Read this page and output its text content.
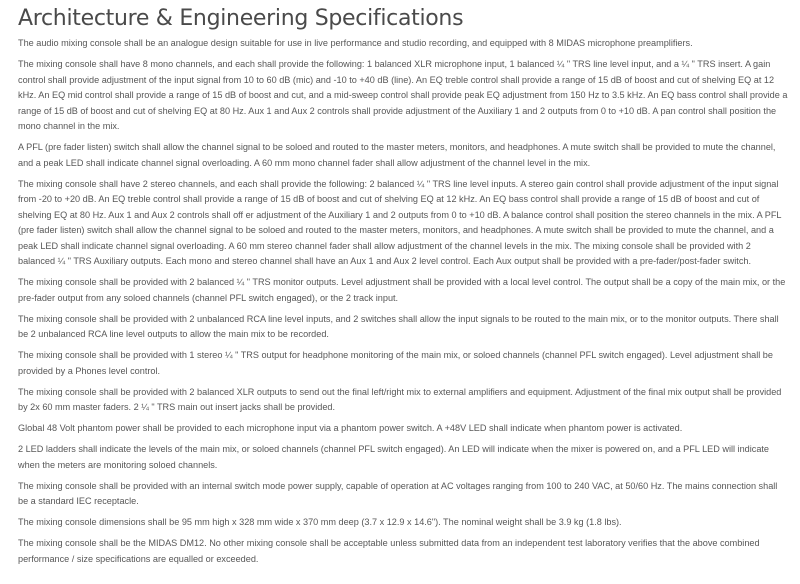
Architecture & Engineering Specifications

The audio mixing console shall be an analogue design suitable for use in live performance and studio recording, and equipped with 8 MIDAS microphone preamplifiers.

The mixing console shall have 8 mono channels, and each shall provide the following: 1 balanced XLR microphone input, 1 balanced ¼ " TRS line level input, and a ¼ " TRS insert. A gain control shall provide adjustment of the input signal from 10 to 60 dB (mic) and -10 to +40 dB (line). An EQ treble control shall provide a range of 15 dB of boost and cut of shelving EQ at 12 kHz. An EQ mid control shall provide a range of 15 dB of boost and cut, and a mid-sweep control shall provide peak EQ adjustment from 150 Hz to 3.5 kHz. An EQ bass control shall provide a range of 15 dB of boost and cut of shelving EQ at 80 Hz. Aux 1 and Aux 2 controls shall provide adjustment of the Auxiliary 1 and 2 outputs from 0 to +10 dB. A pan control shall position the mono channel in the mix.

A PFL (pre fader listen) switch shall allow the channel signal to be soloed and routed to the master meters, monitors, and headphones. A mute switch shall be provided to mute the channel, and a peak LED shall indicate channel signal overloading. A 60 mm mono channel fader shall allow adjustment of the channel level in the mix.

The mixing console shall have 2 stereo channels, and each shall provide the following: 2 balanced ¼ " TRS line level inputs. A stereo gain control shall provide adjustment of the input signal from -20 to +20 dB. An EQ treble control shall provide a range of 15 dB of boost and cut of shelving EQ at 12 kHz. An EQ bass control shall provide a range of 15 dB of boost and cut of shelving EQ at 80 Hz. Aux 1 and Aux 2 controls shall off er adjustment of the Auxiliary 1 and 2 outputs from 0 to +10 dB. A balance control shall position the stereo channels in the mix. A PFL (pre fader listen) switch shall allow the channel signal to be soloed and routed to the master meters, monitors, and headphones. A mute switch shall be provided to mute the channel, and a peak LED shall indicate channel signal overloading. A 60 mm stereo channel fader shall allow adjustment of the channel levels in the mix. The mixing console shall be provided with 2 balanced ¼ " TRS Auxiliary outputs. Each mono and stereo channel shall have an Aux 1 and Aux 2 level control. Each Aux output shall be provided with a pre-fader/post-fader switch.

The mixing console shall be provided with 2 balanced ¼ " TRS monitor outputs. Level adjustment shall be provided with a local level control. The output shall be a copy of the main mix, or the pre-fader output from any soloed channels (channel PFL switch engaged), or the 2 track input.

The mixing console shall be provided with 2 unbalanced RCA line level inputs, and 2 switches shall allow the input signals to be routed to the main mix, or to the monitor outputs. There shall be 2 unbalanced RCA line level outputs to allow the main mix to be recorded.

The mixing console shall be provided with 1 stereo ¼ " TRS output for headphone monitoring of the main mix, or soloed channels (channel PFL switch engaged). Level adjustment shall be provided by a Phones level control.

The mixing console shall be provided with 2 balanced XLR outputs to send out the final left/right mix to external amplifiers and equipment. Adjustment of the final mix output shall be provided by 2x 60 mm master faders. 2 ¼ " TRS main out insert jacks shall be provided.

Global 48 Volt phantom power shall be provided to each microphone input via a phantom power switch. A +48V LED shall indicate when phantom power is activated.

2 LED ladders shall indicate the levels of the main mix, or soloed channels (channel PFL switch engaged). An LED will indicate when the mixer is powered on, and a PFL LED will indicate when the meters are monitoring soloed channels.

The mixing console shall be provided with an internal switch mode power supply, capable of operation at AC voltages ranging from 100 to 240 VAC, at 50/60 Hz. The mains connection shall be a standard IEC receptacle.

The mixing console dimensions shall be 95 mm high x 328 mm wide x 370 mm deep (3.7 x 12.9 x 14.6"). The nominal weight shall be 3.9 kg (1.8 lbs).

The mixing console shall be the MIDAS DM12. No other mixing console shall be acceptable unless submitted data from an independent test laboratory verifies that the above combined performance / size specifications are equalled or exceeded.
